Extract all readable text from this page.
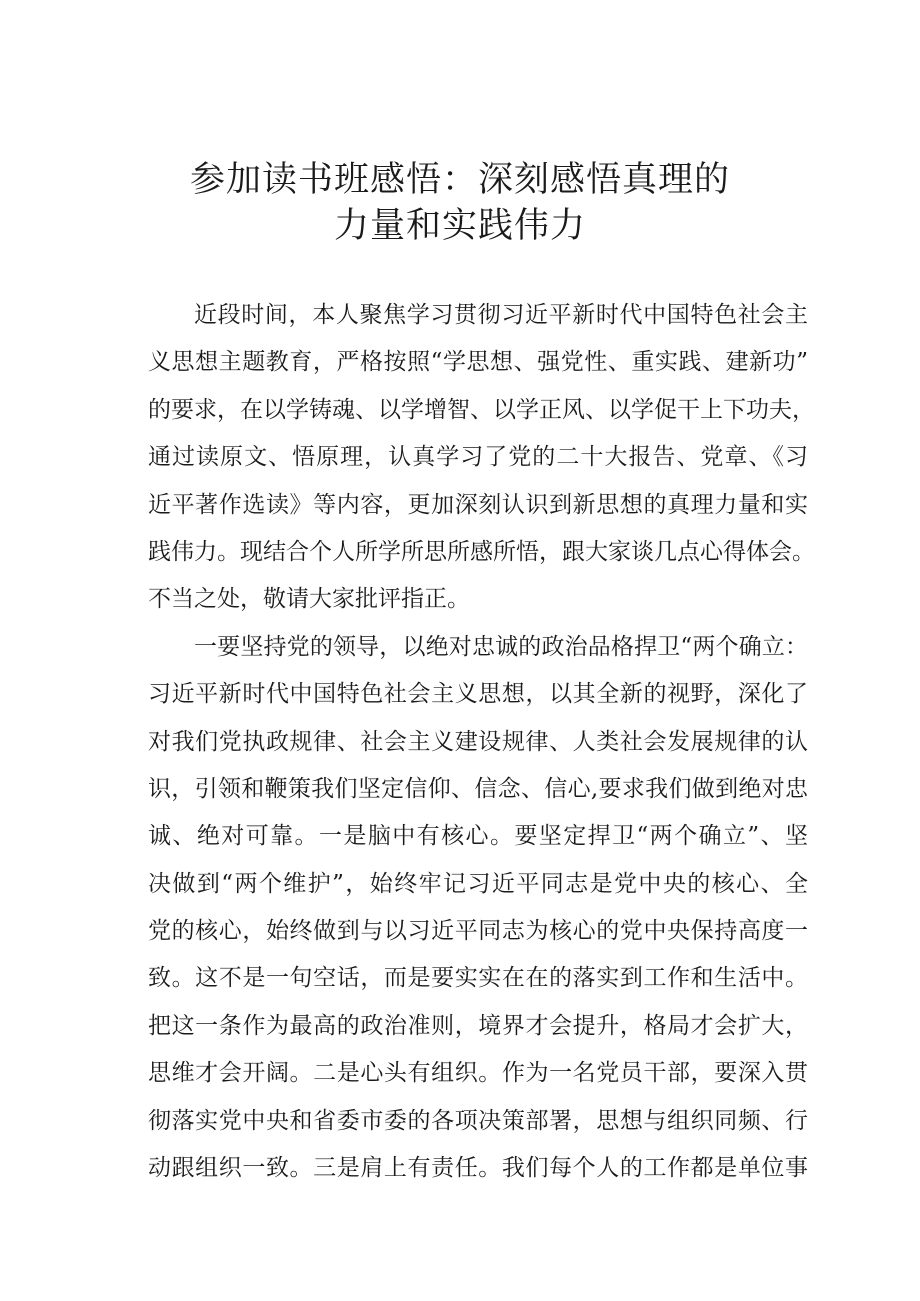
参加读书班感悟：深刻感悟真理的
力量和实践伟力
近段时间，本人聚焦学习贯彻习近平新时代中国特色社会主
义思想主题教育，严格按照“学思想、强党性、重实践、建新功”
的要求，在以学铸魂、以学增智、以学正风、以学促干上下功夫，
通过读原文、悟原理，认真学习了党的二十大报告、党章、《习
近平著作选读》等内容，更加深刻认识到新思想的真理力量和实
践伟力。现结合个人所学所思所感所悟，跟大家谈几点心得体会。
不当之处，敬请大家批评指正。
一要坚持党的领导，以绝对忠诚的政治品格捍卫“两个确立：
习近平新时代中国特色社会主义思想，以其全新的视野，深化了
对我们党执政规律、社会主义建设规律、人类社会发展规律的认
识，引领和鞭策我们坚定信仰、信念、信心,要求我们做到绝对忠
诚、绝对可靠。一是脑中有核心。要坚定捍卫“两个确立”、坚
决做到“两个维护”，始终牢记习近平同志是党中央的核心、全
党的核心，始终做到与以习近平同志为核心的党中央保持高度一
致。这不是一句空话，而是要实实在在的落实到工作和生活中。
把这一条作为最高的政治准则，境界才会提升，格局才会扩大，
思维才会开阔。二是心头有组织。作为一名党员干部，要深入贯
彻落实党中央和省委市委的各项决策部署，思想与组织同频、行
动跟组织一致。三是肩上有责任。我们每个人的工作都是单位事
